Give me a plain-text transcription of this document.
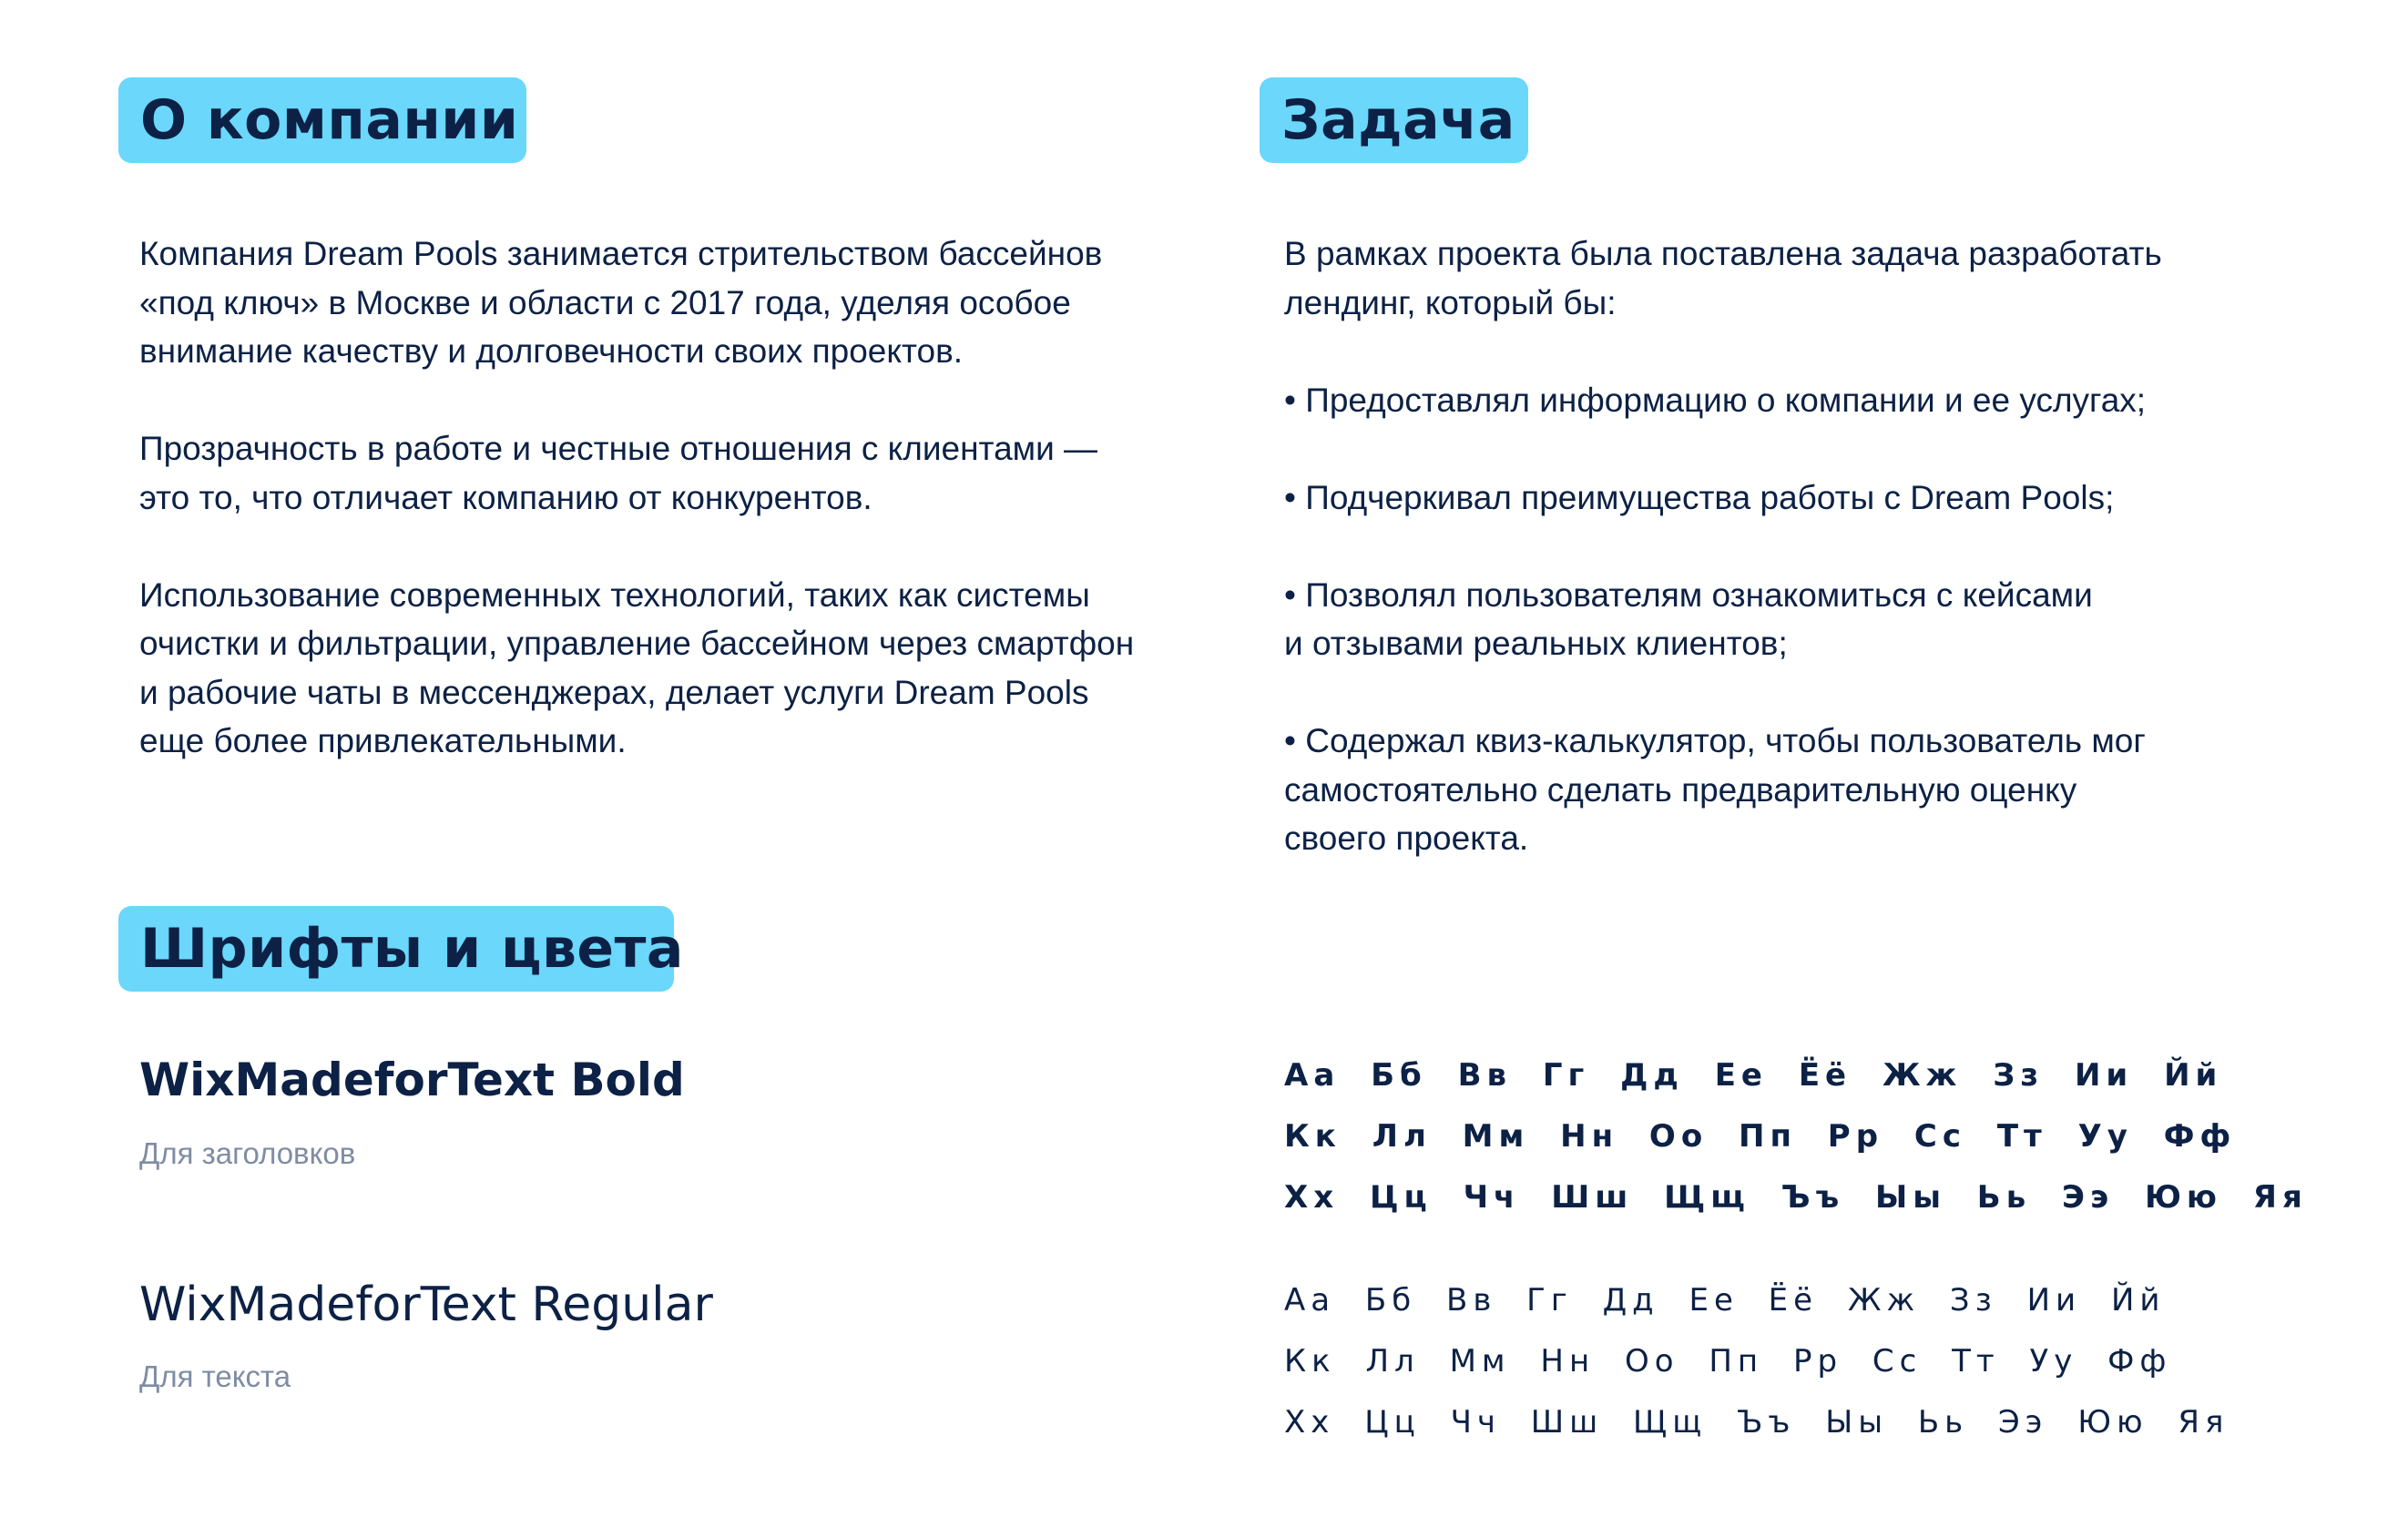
О компании

Компания Dream Pools занимается стрительством бассейнов

«под ключ» в Москве и области с 2017 года, уделяя особое

внимание качеству и долговечности своих проектов.

Прозрачность в работе и честные отношения с клиентами —

это то, что отличает компанию от конкурентов.

Использование современных технологий, таких как системы

очистки и фильтрации, управление бассейном через смартфон

и рабочие чаты в мессенджерах, делает услуги Dream Pools

еще более привлекательными.

Задача

В рамках проекта была поставлена задача разработать

лендинг, который бы:

• Предоставлял информацию о компании и ее услугах;

• Подчеркивал преимущества работы с Dream Pools;

• Позволял пользователям ознакомиться с кейсами

и отзывами реальных клиентов;

• Содержал квиз-калькулятор, чтобы пользователь мог

самостоятельно сделать предварительную оценку

своего проекта.

Шрифты и цвета
WixMadeforText Bold
Для заголовков
WixMadeforText Regular
Для текста
Аа Бб Вв Гг Дд Ее Ёё Жж Зз Ии Йй
Кк Лл Мм Нн Оо Пп Рр Сс Тт Уу Фф
Хх Цц Чч Шш Щщ Ъъ Ыы Ьь Ээ Юю Яя
Аа Бб Вв Гг Дд Ее Ёё Жж Зз Ии Йй
Кк Лл Мм Нн Оо Пп Рр Сс Тт Уу Фф
Хх Цц Чч Шш Щщ Ъъ Ыы Ьь Ээ Юю Яя
